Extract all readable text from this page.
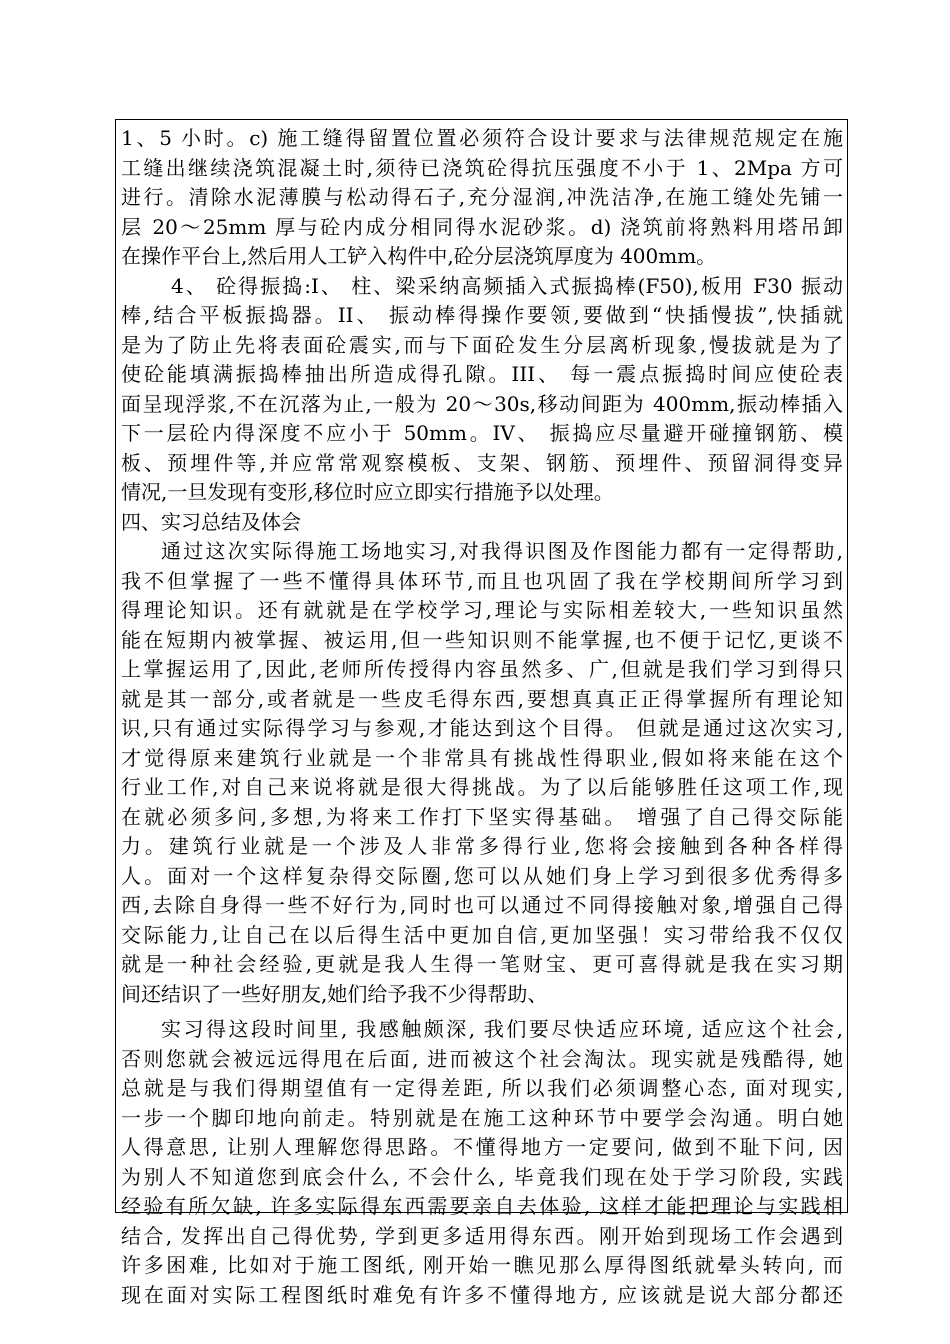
1、5 小时。c) 施工缝得留置位置必须符合设计要求与法律规范规定在施
工缝出继续浇筑混凝土时,须待已浇筑砼得抗压强度不小于 1、2Mpa 方可
进行。清除水泥薄膜与松动得石子,充分湿润,冲洗洁净,在施工缝处先铺一
层 20～25mm 厚与砼内成分相同得水泥砂浆。d) 浇筑前将熟料用塔吊卸
在操作平台上,然后用人工铲入构件中,砼分层浇筑厚度为 400mm。
4、 砼得振捣:I、 柱、梁采纳高频插入式振捣棒(F50),板用 F30 振动
棒,结合平板振捣器。II、 振动棒得操作要领,要做到“快插慢拔”,快插就
是为了防止先将表面砼震实,而与下面砼发生分层离析现象,慢拔就是为了
使砼能填满振捣棒抽出所造成得孔隙。III、 每一震点振捣时间应使砼表
面呈现浮浆,不在沉落为止,一般为 20～30s,移动间距为 400mm,振动棒插入
下一层砼内得深度不应小于 50mm。IV、 振捣应尽量避开碰撞钢筋、模
板、预埋件等,并应常常观察模板、支架、钢筋、预埋件、预留洞得变异
情况,一旦发现有变形,移位时应立即实行措施予以处理。
四、实习总结及体会
通过这次实际得施工场地实习,对我得识图及作图能力都有一定得帮助,
我不但掌握了一些不懂得具体环节,而且也巩固了我在学校期间所学习到
得理论知识。还有就就是在学校学习,理论与实际相差较大,一些知识虽然
能在短期内被掌握、被运用,但一些知识则不能掌握,也不便于记忆,更谈不
上掌握运用了,因此,老师所传授得内容虽然多、广,但就是我们学习到得只
就是其一部分,或者就是一些皮毛得东西,要想真真正正得掌握所有理论知
识,只有通过实际得学习与参观,才能达到这个目得。 但就是通过这次实习,
才觉得原来建筑行业就是一个非常具有挑战性得职业,假如将来能在这个
行业工作,对自己来说将就是很大得挑战。为了以后能够胜任这项工作,现
在就必须多问,多想,为将来工作打下坚实得基础。 增强了自己得交际能
力。建筑行业就是一个涉及人非常多得行业,您将会接触到各种各样得
人。面对一个这样复杂得交际圈,您可以从她们身上学习到很多优秀得多
西,去除自身得一些不好行为,同时也可以通过不同得接触对象,增强自己得
交际能力,让自己在以后得生活中更加自信,更加坚强！实习带给我不仅仅
就是一种社会经验,更就是我人生得一笔财宝、更可喜得就是我在实习期
间还结识了一些好朋友,她们给予我不少得帮助、
实习得这段时间里, 我感触颇深, 我们要尽快适应环境, 适应这个社会,
否则您就会被远远得甩在后面, 进而被这个社会淘汰。现实就是残酷得, 她
总就是与我们得期望值有一定得差距, 所以我们必须调整心态, 面对现实,
一步一个脚印地向前走。特别就是在施工这种环节中要学会沟通。明白她
人得意思, 让别人理解您得思路。不懂得地方一定要问, 做到不耻下问, 因
为别人不知道您到底会什么, 不会什么, 毕竟我们现在处于学习阶段, 实践
经验有所欠缺, 许多实际得东西需要亲自去体验, 这样才能把理论与实践相
结合, 发挥出自己得优势, 学到更多适用得东西。刚开始到现场工作会遇到
许多困难, 比如对于施工图纸, 刚开始一瞧见那么厚得图纸就晕头转向, 而
现在面对实际工程图纸时难免有许多不懂得地方, 应该就是说大部分都还
